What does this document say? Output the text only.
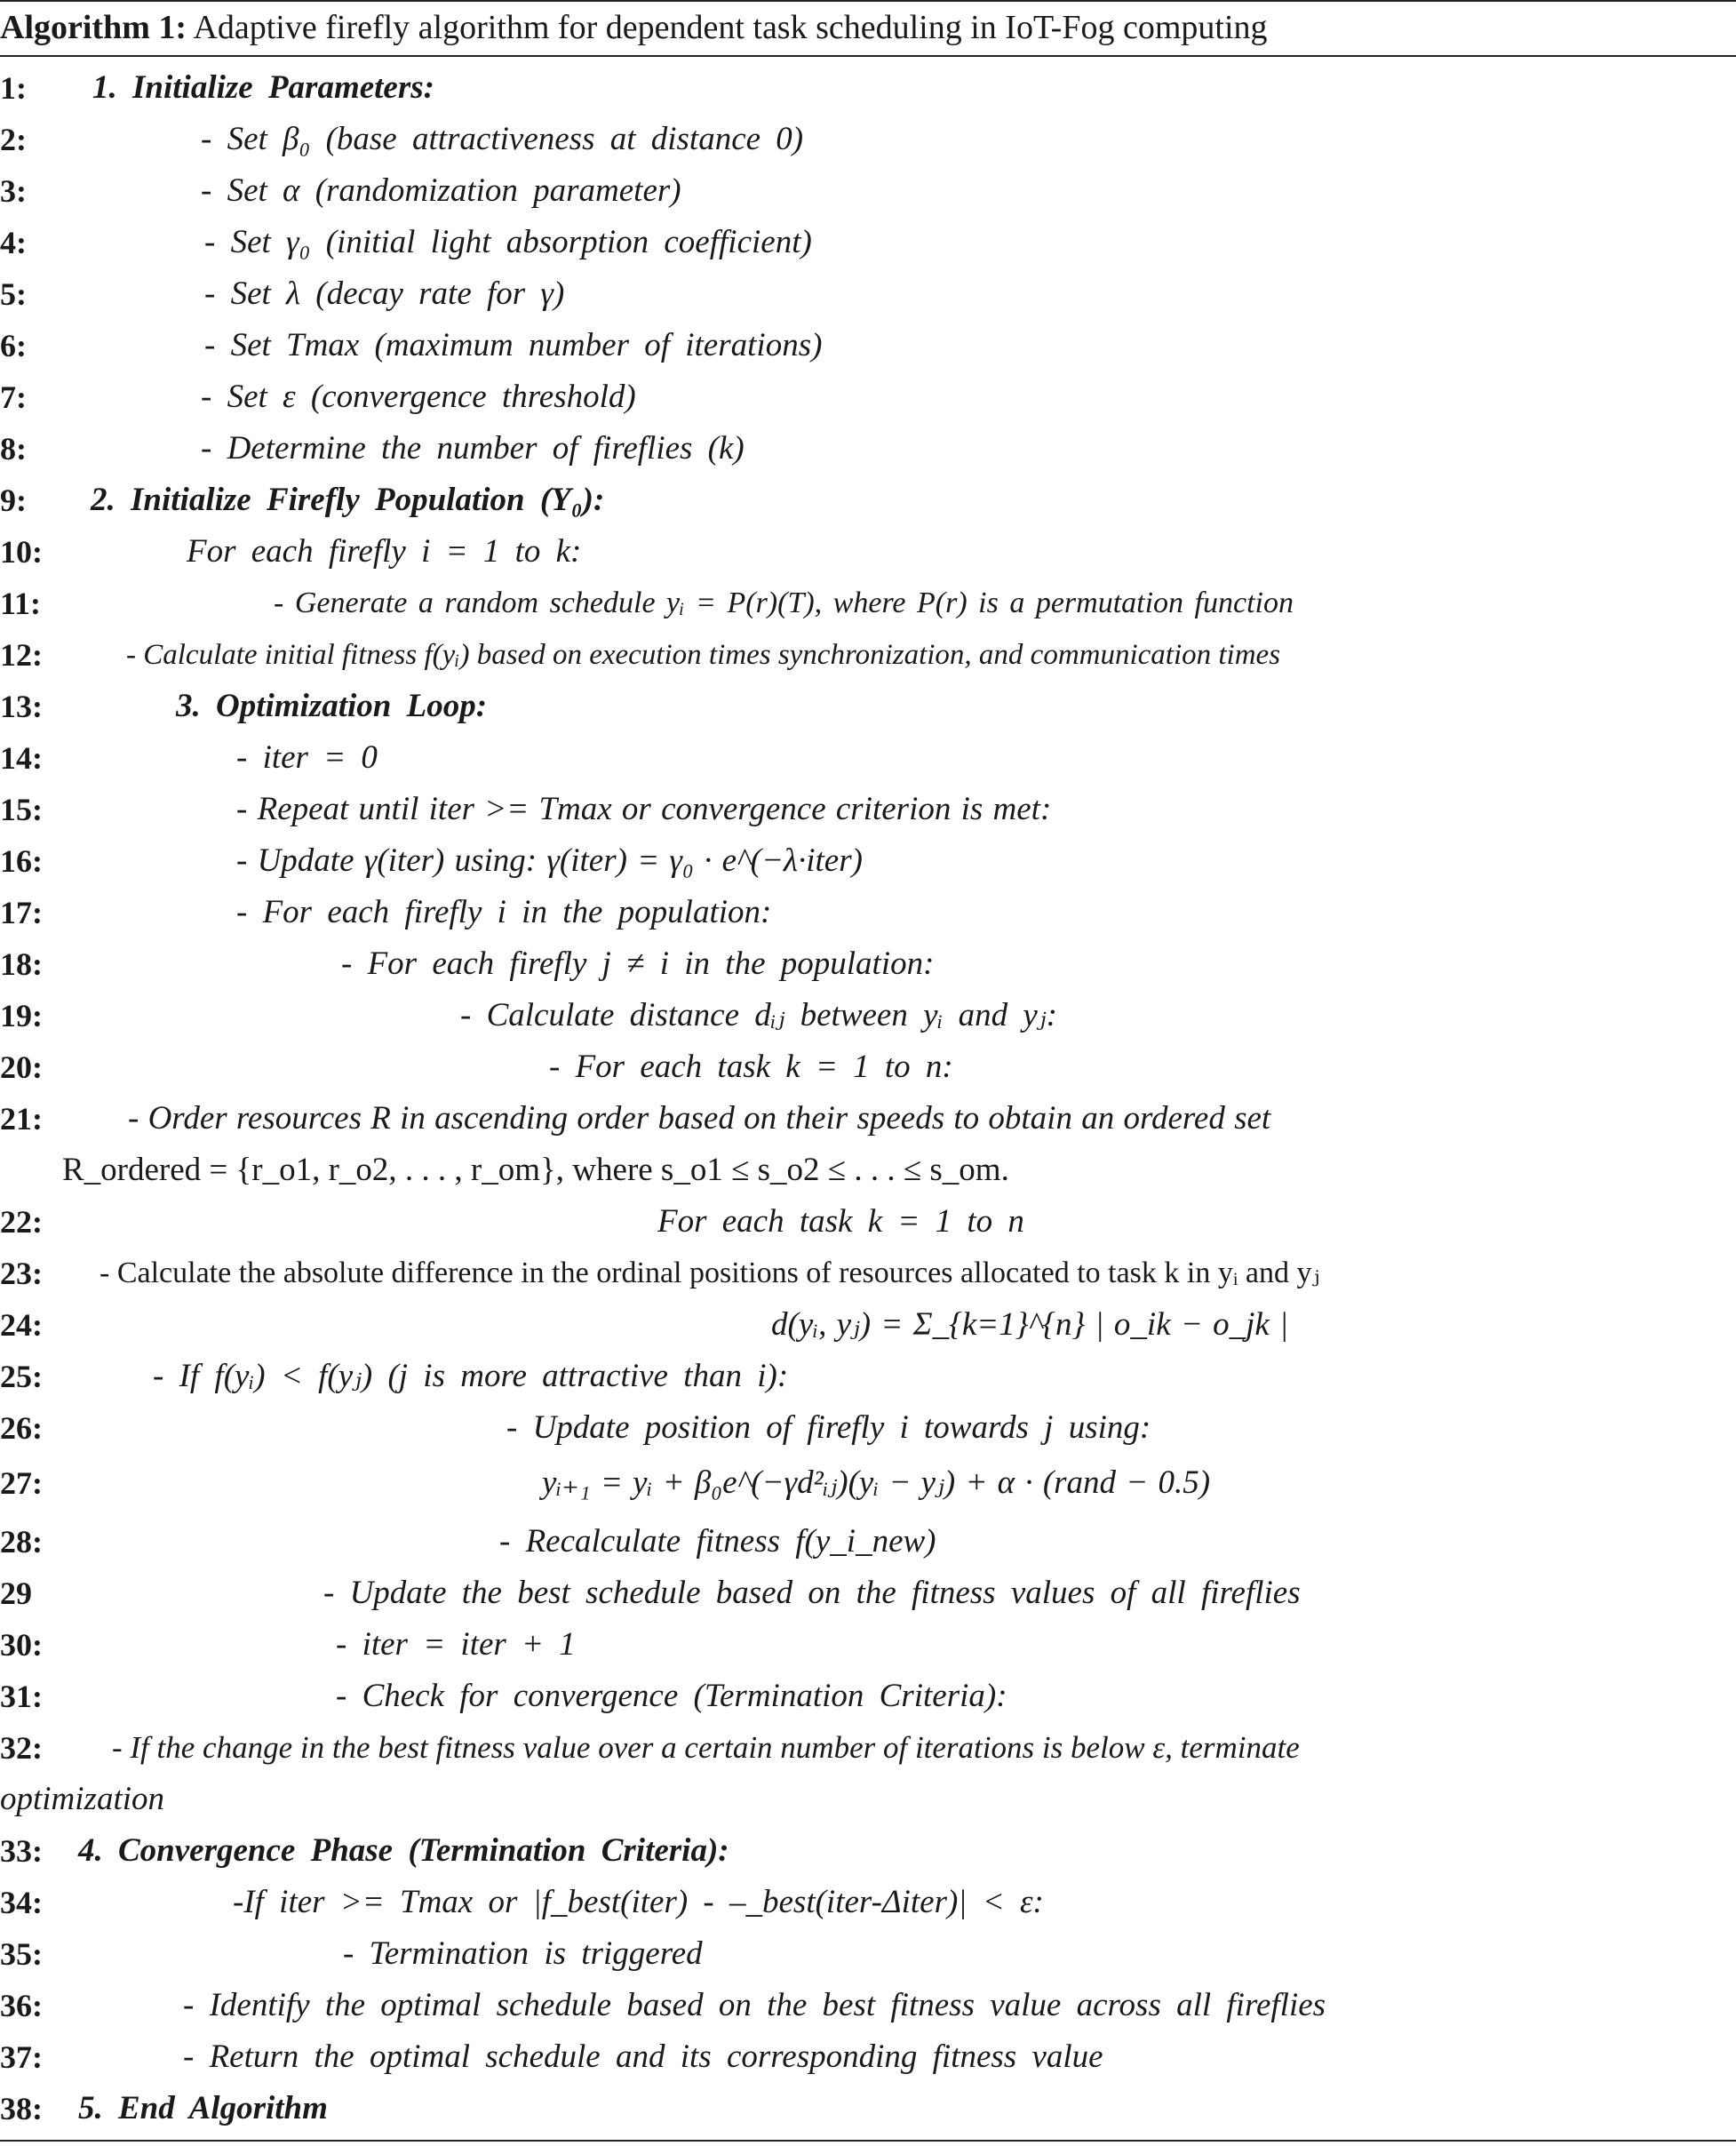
Algorithm 1: Adaptive firefly algorithm for dependent task scheduling in IoT-Fog computing
1: 1. Initialize Parameters:
2:	- Set β₀ (base attractiveness at distance 0)
3:	- Set α (randomization parameter)
4:	- Set γ₀ (initial light absorption coefficient)
5:	- Set λ (decay rate for γ)
6:	- Set Tmax (maximum number of iterations)
7:	- Set ε (convergence threshold)
8:	- Determine the number of fireflies (k)
9: 2. Initialize Firefly Population (Y₀):
10:	For each firefly i = 1 to k:
11:	- Generate a random schedule yᵢ = P(r)(T), where P(r) is a permutation function
12:	- Calculate initial fitness f(yᵢ) based on execution times synchronization, and communication times
13:	3. Optimization Loop:
14:	- iter = 0
15:	- Repeat until iter >= Tmax or convergence criterion is met:
16:	- Update γ(iter) using: γ(iter) = γ₀ · e^(−λ·iter)
17:	- For each firefly i in the population:
18:	- For each firefly j ≠ i in the population:
19:	- Calculate distance dᵢⱼ between yᵢ and yⱼ:
20:	- For each task k = 1 to n:
21:	- Order resources R in ascending order based on their speeds to obtain an ordered set
R_ordered = {r_o1, r_o2, . . . , r_om}, where s_o1 ≤ s_o2 ≤ . . . ≤ s_om.
22:	For each task k = 1 to n
23: - Calculate the absolute difference in the ordinal positions of resources allocated to task k in yᵢ and yⱼ
24:	d(yᵢ, yⱼ) = Σ_{k=1}^{n} | o_ik − o_jk |
25:	- If f(yᵢ) < f(yⱼ) (j is more attractive than i):
26:	- Update position of firefly i towards j using:
27:	yᵢ₊₁ = yᵢ + β₀e^(−γd²ᵢⱼ)(yᵢ − yⱼ) + α · (rand − 0.5)
28:	- Recalculate fitness f(y_i_new)
29	- Update the best schedule based on the fitness values of all fireflies
30:	- iter = iter + 1
31:	- Check for convergence (Termination Criteria):
32: - If the change in the best fitness value over a certain number of iterations is below ε, terminate
optimization
33: 4. Convergence Phase (Termination Criteria):
34:	-If iter >= Tmax or |f_best(iter) - –_best(iter-Δiter)| < ε:
35:	- Termination is triggered
36:	- Identify the optimal schedule based on the best fitness value across all fireflies
37:	- Return the optimal schedule and its corresponding fitness value
38: 5. End Algorithm
